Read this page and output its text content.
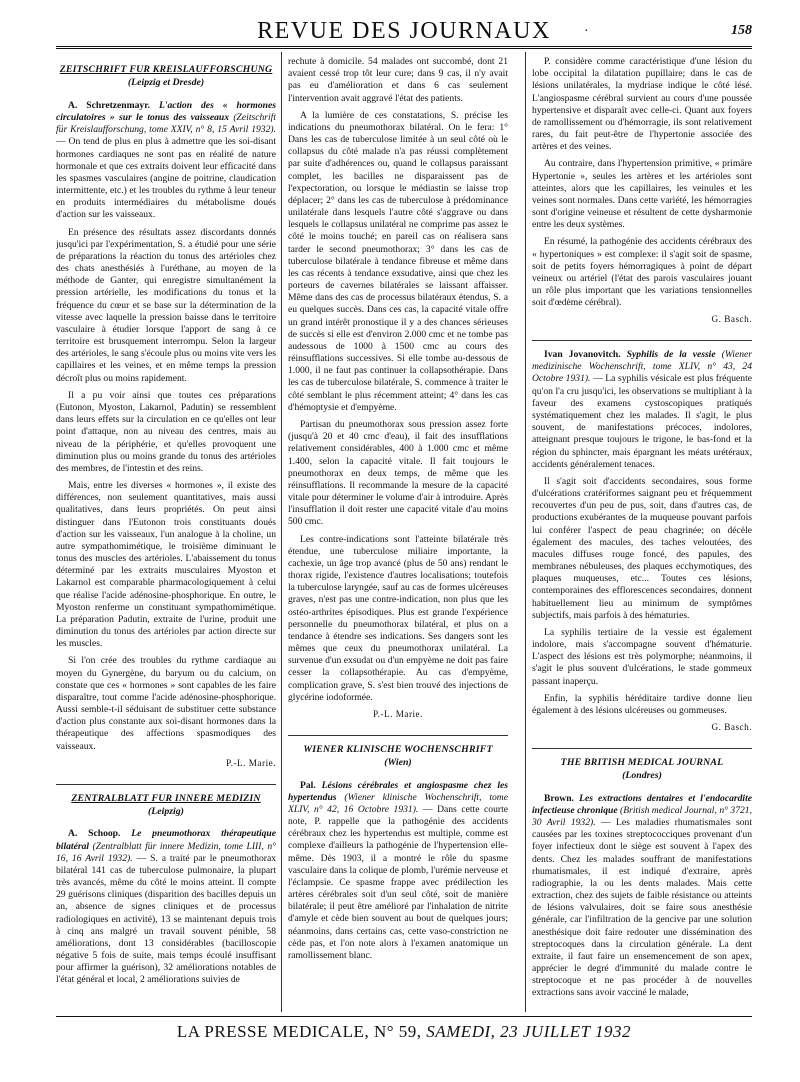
REVUE DES JOURNAUX	·	158
ZEITSCHRIFT FUR KREISLAUFFORSCHUNG
(Leipzig et Dresde)

A. Schretzenmayr. L'action des « hormones circulatoires » sur le tonus des vaisseaux (Zeitschrift für Kreislaufforschung, tome XXIV, n° 8, 15 Avril 1932). — On tend de plus en plus à admettre que les soi-disant hormones cardiaques ne sont pas en réalité de nature hormonale et que ces extraits doivent leur efficacité dans les spasmes vasculaires (angine de poitrine, claudication intermittente, etc.) et les troubles du rythme à leur teneur en produits intermédiaires du métabolisme doués d'action sur les vaisseaux.

En présence des résultats assez discordants donnés jusqu'ici par l'expérimentation, S. a étudié pour une série de préparations la réaction du tonus des artérioles chez des chats anesthésiés à l'uréthane, au moyen de la méthode de Ganter, qui enregistre simultanément la pression artérielle, les modifications du tonus et la fréquence du cœur et se base sur la détermination de la vitesse avec laquelle la pression baisse dans le territoire vasculaire à étudier lorsque l'apport de sang à ce territoire est brusquement interrompu. Selon la largeur des artérioles, le sang s'écoule plus ou moins vite vers les capillaires et les veines, et en même temps la pression décroît plus ou moins rapidement.

Il a pu voir ainsi que toutes ces préparations (Eutonon, Myoston, Lakarnol, Padutin) se ressemblent dans leurs effets sur la circulation en ce qu'elles ont leur point d'attaque, non au niveau des centres, mais au niveau de la périphérie, et qu'elles provoquent une diminution plus ou moins grande du tonus des artérioles des membres, de l'intestin et des reins.

Mais, entre les diverses « hormones », il existe des différences, non seulement quantitatives, mais aussi qualitatives, dans leurs propriétés. On peut ainsi distinguer dans l'Eutonon trois constituants doués d'action sur les vaisseaux, l'un analogue à la choline, un autre sympathomimétique, le troisième diminuant le tonus des muscles des artérioles. L'abaissement du tonus déterminé par les extraits musculaires Myoston et Lakarnol est comparable pharmacologiquement à celui que réalise l'acide adénosine-phosphorique. En outre, le Myoston renferme un constituant sympathomimétique. La préparation Padutin, extraite de l'urine, produit une diminution du tonus des artérioles par action directe sur les muscles.

Si l'on crée des troubles du rythme cardiaque au moyen du Gynergène, du baryum ou du calcium, on constate que ces « hormones » sont capables de les faire disparaître, tout comme l'acide adénosine-phosphorique. Aussi semble-t-il séduisant de substituer cette substance d'action plus constante aux soi-disant hormones dans la thérapeutique des affections spasmodiques des vaisseaux.

P.-L. Marie.
ZENTRALBLATT FUR INNERE MEDIZIN
(Leipzig)

A. Schoop. Le pneumothorax thérapeutique bilatéral (Zentralblatt für innere Medizin, tome LIII, n° 16, 16 Avril 1932). — S. a traité par le pneumothorax bilatéral 141 cas de tuberculose pulmonaire, la plupart très avancés, même du côté le moins atteint. Il compte 29 guérisons cliniques (disparition des bacilles depuis un an, absence de signes cliniques et de processus radiologiques en activité), 13 se maintenant depuis trois à cinq ans malgré un travail souvent pénible, 58 améliorations, dont 13 considérables (bacilloscopie négative 5 fois de suite, mais temps écoulé insuffisant pour affirmer la guérison), 32 améliorations notables de l'état général et local, 2 améliorations suivies de

rechute à domicile. 54 malades ont succombé, dont 21 avaient cessé trop tôt leur cure; dans 9 cas, il n'y avait pas eu d'amélioration et dans 6 cas seulement l'intervention avait aggravé l'état des patients.

A la lumière de ces constatations, S. précise les indications du pneumothorax bilatéral. On le fera: 1° Dans les cas de tuberculose limitée à un seul côté où le collapsus du côté malade n'a pas réussi complètement par suite d'adhérences ou, quand le collapsus paraissant complet, les bacilles ne disparaissent pas de l'expectoration, ou lorsque le médiastin se laisse trop déplacer; 2° dans les cas de tuberculose à prédominance unilatérale dans lesquels l'autre côté s'aggrave ou dans lesquels le collapsus unilatéral ne comprime pas assez le côté le moins touché; en pareil cas on réalisera sans tarder le second pneumothorax; 3° dans les cas de tuberculose bilatérale à tendance fibreuse et même dans les cas récents à tendance exsudative, ainsi que chez les porteurs de cavernes bilatérales se laissant affaisser. Même dans des cas de processus bilatéraux étendus, S. a eu quelques succès. Dans ces cas, la capacité vitale offre un grand intérêt pronostique il y a des chances sérieuses de succès si elle est d'environ 2.000 cmc et ne tombe pas audessous de 1000 à 1500 cmc au cours des réinsufflations successives. Si elle tombe au-dessous de 1.000, il ne faut pas continuer la collapsothérapie. Dans les cas de tuberculose bilatérale, S. commence à traiter le côté semblant le plus récemment atteint; 4° dans les cas d'hémoptysie et d'empyème.

Partisan du pneumothorax sous pression assez forte (jusqu'à 20 et 40 cmc d'eau), il fait des insufflations relativement considérables, 400 à 1.000 cmc et même 1.400, selon la capacité vitale. Il fait toujours le pneumothorax en deux temps, de même que les réinsufflations. Il recommande la mesure de la capacité vitale pour déterminer le volume d'air à introduire. Après l'insufflation il doit rester une capacité vitale d'au moins 500 cmc.

Les contre-indications sont l'atteinte bilatérale très étendue, une tuberculose miliaire importante, la cachexie, un âge trop avancé (plus de 50 ans) rendant le thorax rigide, l'existence d'autres localisations; toutefois la tuberculose laryngée, sauf au cas de formes ulcéreuses graves, n'est pas une contre-indication, non plus que les ostéo-arthrites épisodiques. Plus est grande l'expérience personnelle du pneumothorax bilatéral, et plus on a tendance à étendre ses indications. Ses dangers sont les mêmes que ceux du pneumothorax unilatéral. La survenue d'un exsudat ou d'un empyème ne doit pas faire cesser la collapsothérapie. Au cas d'empyème, complication grave, S. s'est bien trouvé des injections de glycérine iodoformée.

P.-L. Marie.
WIENER KLINISCHE WOCHENSCHRIFT
(Wien)

Pal. Lésions cérébrales et angiospasme chez les hypertendus (Wiener klinische Wochenschrift, tome XLIV, n° 42, 16 Octobre 1931). — Dans cette courte note, P. rappelle que la pathogénie des accidents cérébraux chez les hypertendus est multiple, comme est complexe d'ailleurs la pathogénie de l'hypertension elle-même. Dès 1903, il a montré le rôle du spasme vasculaire dans la colique de plomb, l'urémie nerveuse et l'éclampsie. Ce spasme frappe avec prédilection les artères cérébrales soit d'un seul côté, soit de manière bilatérale; il peut être amélioré par l'inhalation de nitrite d'amyle et cède bien souvent au bout de quelques jours; néanmoins, dans certains cas, cette vaso-constriction ne cède pas, et l'on note alors à l'examen anatomique un ramollissement blanc.

P. considère comme caractéristique d'une lésion du lobe occipital la dilatation pupillaire; dans le cas de lésions unilatérales, la mydriase indique le côté lésé. L'angiospasme cérébral survient au cours d'une poussée hypertensive et disparaît avec celle-ci. Quant aux foyers de ramollissement ou d'hémorragie, ils sont relativement rares, du fait peut-être de l'hypertonie associée des artères et des veines.

Au contraire, dans l'hypertension primitive, « primäre Hypertonie », seules les artères et les artérioles sont atteintes, alors que les capillaires, les veinules et les veines sont normales. Dans cette variété, les hémorragies sont d'origine veineuse et résultent de cette dysharmonie entre les deux systèmes.

En résumé, la pathogénie des accidents cérébraux des « hypertoniques » est complexe: il s'agit soit de spasme, soit de petits foyers hémorragiques à point de départ veineux ou artériel (l'état des parois vasculaires jouant un rôle plus important que les variations tensionnelles soit d'œdème cérébral).

G. Basch.

Ivan Jovanovitch. Syphilis de la vessie (Wiener medizinische Wochenschrift, tome XLIV, n° 43, 24 Octobre 1931). — La syphilis vésicale est plus fréquente qu'on l'a cru jusqu'ici, les observations se multipliant à la faveur des examens cystoscopiques pratiqués systématiquement chez les malades. Il s'agit, le plus souvent, de manifestations précoces, indolores, atteignant presque toujours le trigone, le bas-fond et la région du sphincter, mais épargnant les méats urétéraux, accidents généralement tenaces.

Il s'agit soit d'accidents secondaires, sous forme d'ulcérations cratériformes saignant peu et fréquemment recouvertes d'un peu de pus, soit, dans d'autres cas, de productions exubérantes de la muqueuse pouvant parfois lui conférer l'aspect de peau chagrinée; on décèle également des macules, des taches veloutées, des macules diffuses rouge foncé, des papules, des membranes nébuleuses, des plaques ecchymotiques, des plaques muqueuses, etc... Toutes ces lésions, contemporaines des efflorescences secondaires, donnent habituellement lieu au minimum de symptômes subjectifs, mais parfois à des hématuries.

La syphilis tertiaire de la vessie est également indolore, mais s'accompagne souvent d'hématurie. L'aspect des lésions est très polymorphe; néanmoins, il s'agit le plus souvent d'ulcérations, le stade gommeux passant inaperçu.

Enfin, la syphilis héréditaire tardive donne lieu également à des lésions ulcéreuses ou gommeuses.

G. Basch.
THE BRITISH MEDICAL JOURNAL
(Londres)

Brown. Les extractions dentaires et l'endocardite infectieuse chronique (British medical Journal, n° 3721, 30 Avril 1932). — Les maladies rhumatismales sont causées par les toxines streptococciques provenant d'un foyer infectieux dont le siège est souvent à l'apex des dents. Chez les malades souffrant de manifestations rhumatismales, il est indiqué d'extraire, après radiographie, la ou les dents malades. Mais cette extraction, chez des sujets de faible résistance ou atteints de lésions valvulaires, doit se faire sous anesthésie générale, car l'infiltration de la gencive par une solution anesthésique doit faire redouter une dissémination des streptocoques dans la circulation générale. La dent extraite, il faut faire un ensemencement de son apex, apprécier le degré d'immunité du malade contre le streptocoque et ne pas procéder à de nouvelles extractions sans avoir vacciné le malade,

LA PRESSE MEDICALE, N° 59, SAMEDI, 23 JUILLET 1932
